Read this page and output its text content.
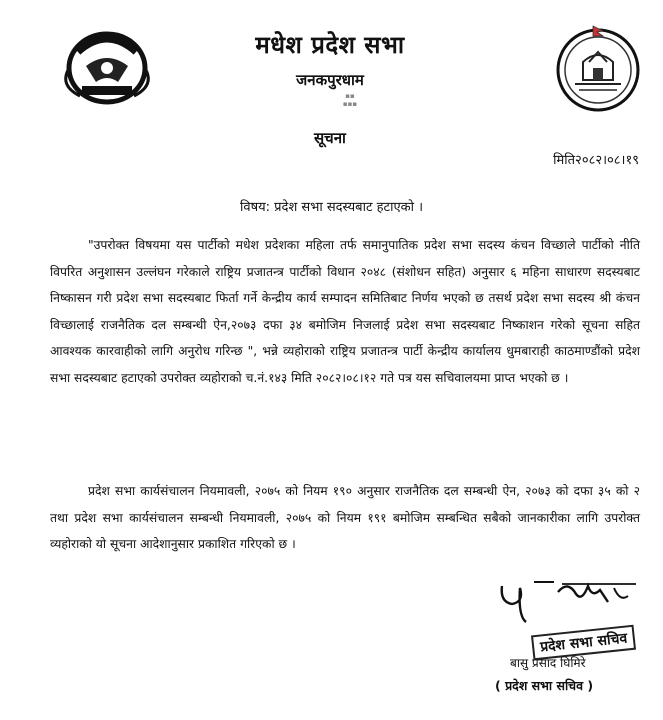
मधेश प्रदेश सभा
जनकपुरधाम
▪▪
▪▪▪
सूचना
मिति२०८२।०८।१९
विषय: प्रदेश सभा सदस्यबाट हटाएको ।
"उपरोक्त विषयमा यस पार्टीको मधेश प्रदेशका महिला तर्फ समानुपातिक प्रदेश सभा सदस्य कंचन विच्छाले पार्टीको नीति विपरित अनुशासन उल्लंघन गरेकाले राष्ट्रिय प्रजातन्त्र पार्टीको विधान २०४८ (संशोधन सहित) अनुसार ६ महिना साधारण सदस्यबाट निष्कासन गरी प्रदेश सभा सदस्यबाट फिर्ता गर्ने केन्द्रीय कार्य सम्पादन समितिबाट निर्णय भएको छ तसर्थ प्रदेश सभा सदस्य श्री कंचन विच्छालाई राजनैतिक दल सम्बन्धी ऐन,२०७३ दफा ३४ बमोजिम निजलाई प्रदेश सभा सदस्यबाट निष्काशन गरेको सूचना सहित आवश्यक कारवाहीको लागि अनुरोध गरिन्छ ", भन्ने व्यहोराको राष्ट्रिय प्रजातन्त्र पार्टी केन्द्रीय कार्यालय धुमबाराही काठमाण्डौंको प्रदेश सभा सदस्यबाट हटाएको उपरोक्त व्यहोराको च.नं.१४३ मिति २०८२।०८।१२ गते पत्र यस सचिवालयमा प्राप्त भएको छ ।
प्रदेश सभा कार्यसंचालन नियमावली, २०७५ को नियम १९० अनुसार राजनैतिक दल सम्बन्धी ऐन, २०७३ को दफा ३५ को २ तथा प्रदेश सभा कार्यसंचालन सम्बन्धी नियमावली, २०७५ को नियम १९१ बमोजिम सम्बन्धित सबैको जानकारीका लागि उपरोक्त व्यहोराको यो सूचना आदेशानुसार प्रकाशित गरिएको छ ।
प्रदेश सभा सचिव
बासु प्रसाद घिमिरे
( प्रदेश सभा सचिव )
